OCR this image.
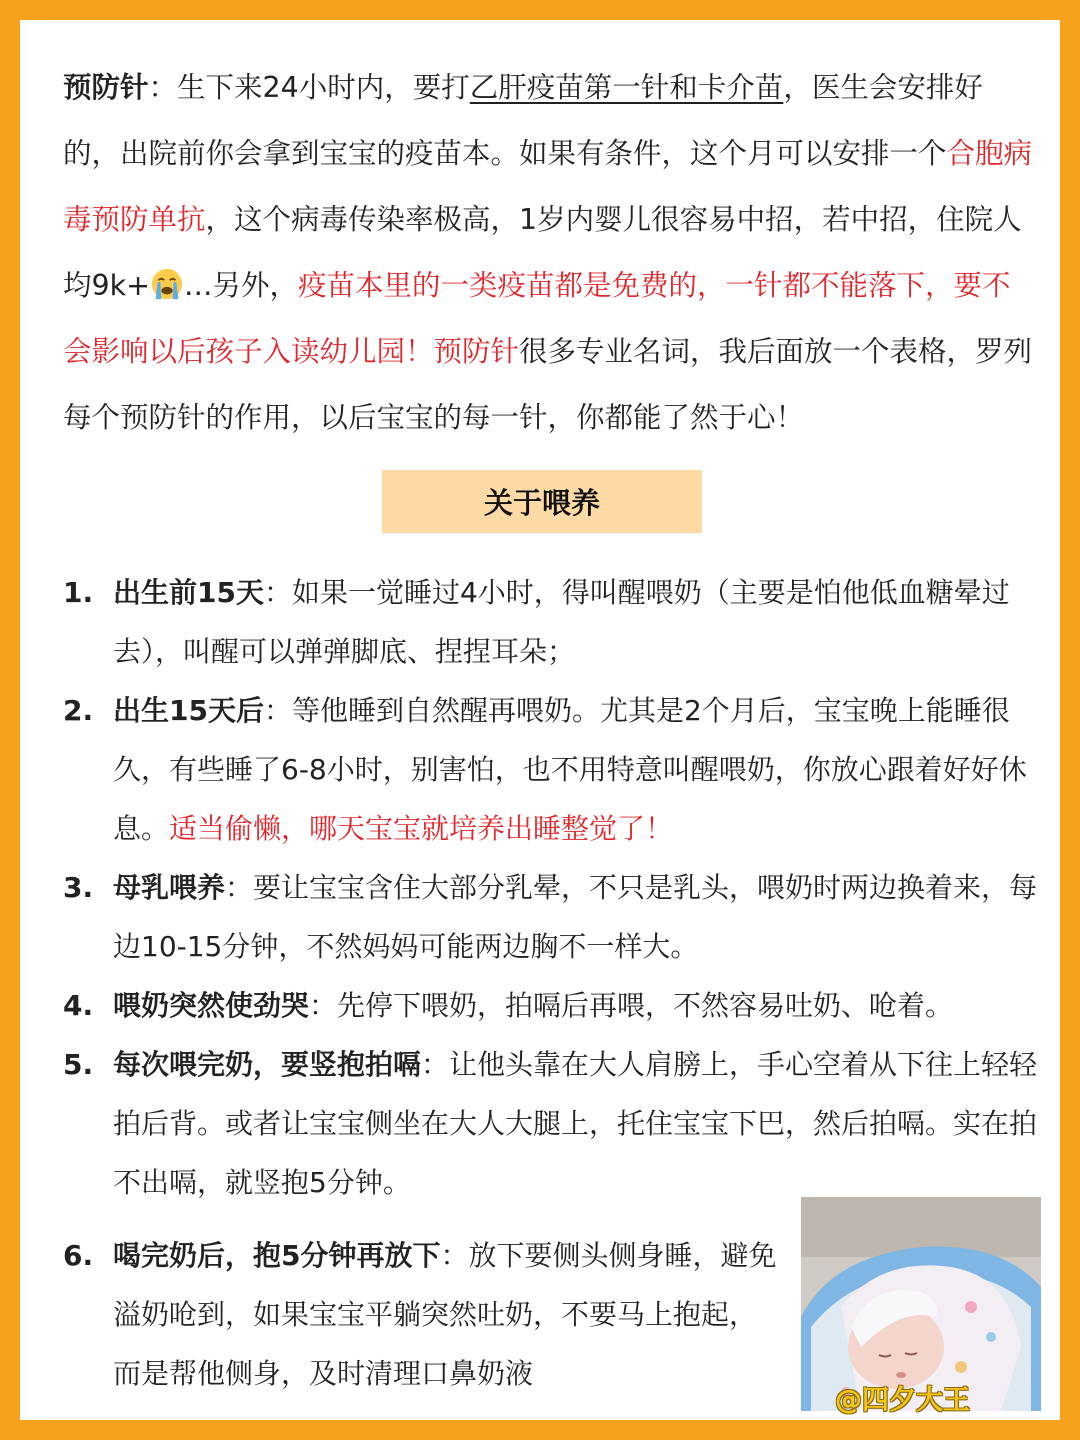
预防针：生下来24小时内，要打乙肝疫苗第一针和卡介苗，医生会安排好的，出院前你会拿到宝宝的疫苗本。如果有条件，这个月可以安排一个合胞病毒预防单抗，这个病毒传染率极高，1岁内婴儿很容易中招，若中招，住院人均9k+ …另外，疫苗本里的一类疫苗都是免费的，一针都不能落下，要不会影响以后孩子入读幼儿园！预防针很多专业名词，我后面放一个表格，罗列每个预防针的作用，以后宝宝的每一针，你都能了然于心！

关于喂养
1. 出生前15天：如果一觉睡过4小时，得叫醒喂奶（主要是怕他低血糖晕过去），叫醒可以弹弹脚底、捏捏耳朵；
2. 出生15天后：等他睡到自然醒再喂奶。尤其是2个月后，宝宝晚上能睡很久，有些睡了6-8小时，别害怕，也不用特意叫醒喂奶，你放心跟着好好休息。适当偷懒，哪天宝宝就培养出睡整觉了！
3. 母乳喂养：要让宝宝含住大部分乳晕，不只是乳头，喂奶时两边换着来，每边10-15分钟，不然妈妈可能两边胸不一样大。
4. 喂奶突然使劲哭：先停下喂奶，拍嗝后再喂，不然容易吐奶、呛着。
5. 每次喂完奶，要竖抱拍嗝：让他头靠在大人肩膀上，手心空着从下往上轻轻拍后背。或者让宝宝侧坐在大人大腿上，托住宝宝下巴，然后拍嗝。实在拍不出嗝，就竖抱5分钟。
6. 喝完奶后，抱5分钟再放下：放下要侧头侧身睡，避免溢奶呛到，如果宝宝平躺突然吐奶，不要马上抱起，而是帮他侧身，及时清理口鼻奶液
@四夕大王
